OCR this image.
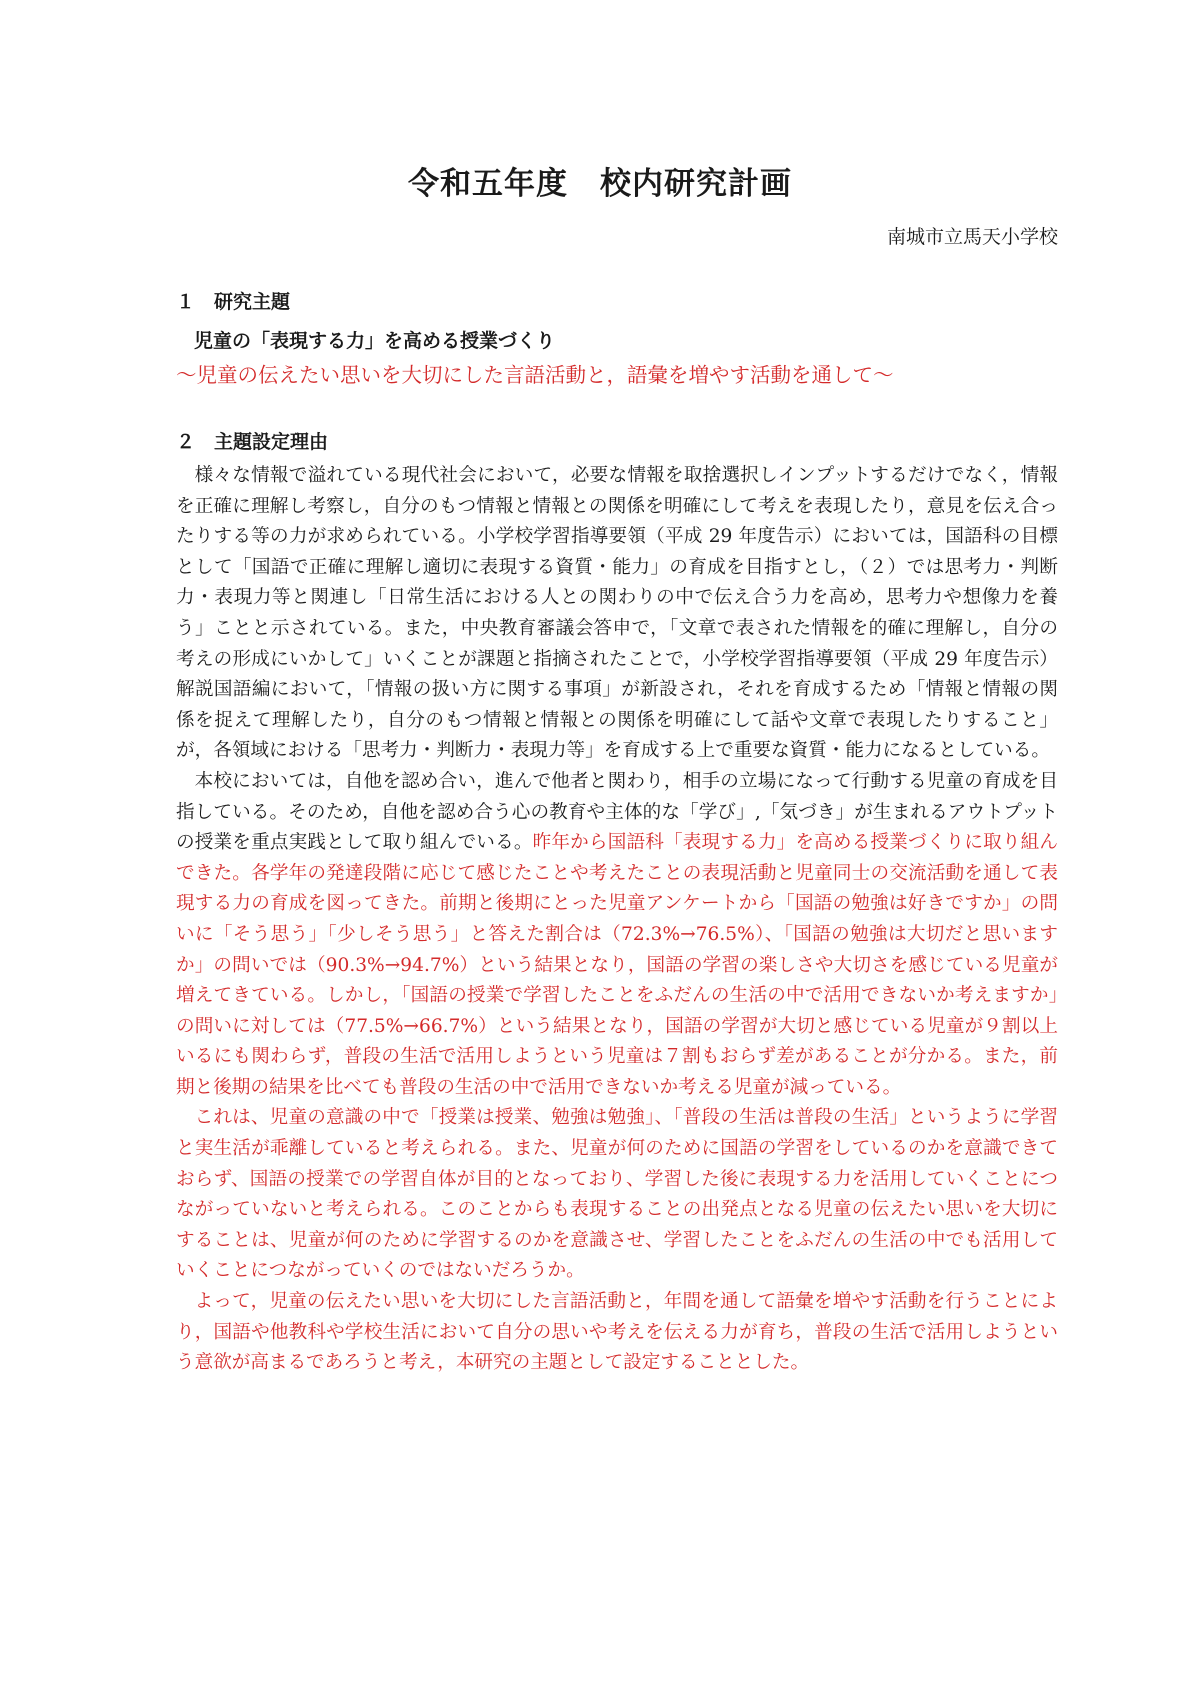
令和五年度　校内研究計画
南城市立馬天小学校
１　研究主題
児童の「表現する力」を高める授業づくり
〜児童の伝えたい思いを大切にした言語活動と，語彙を増やす活動を通して〜
２　主題設定理由

様々な情報で溢れている現代社会において，必要な情報を取捨選択しインプットするだけでなく，情報を正確に理解し考察し，自分のもつ情報と情報との関係を明確にして考えを表現したり，意見を伝え合ったりする等の力が求められている。小学校学習指導要領（平成 29 年度告示）においては，国語科の目標として「国語で正確に理解し適切に表現する資質・能力」の育成を目指すとし，（２）では思考力・判断力・表現力等と関連し「日常生活における人との関わりの中で伝え合う力を高め，思考力や想像力を養う」ことと示されている。また，中央教育審議会答申で，「文章で表された情報を的確に理解し，自分の考えの形成にいかして」いくことが課題と指摘されたことで，小学校学習指導要領（平成 29 年度告示）解説国語編において，「情報の扱い方に関する事項」が新設され，それを育成するため「情報と情報の関係を捉えて理解したり，自分のもつ情報と情報との関係を明確にして話や文章で表現したりすること」が，各領域における「思考力・判断力・表現力等」を育成する上で重要な資質・能力になるとしている。

本校においては，自他を認め合い，進んで他者と関わり，相手の立場になって行動する児童の育成を目指している。そのため，自他を認め合う心の教育や主体的な「学び」,「気づき」が生まれるアウトプットの授業を重点実践として取り組んでいる。昨年から国語科「表現する力」を高める授業づくりに取り組んできた。各学年の発達段階に応じて感じたことや考えたことの表現活動と児童同士の交流活動を通して表現する力の育成を図ってきた。前期と後期にとった児童アンケートから「国語の勉強は好きですか」の問いに「そう思う」「少しそう思う」と答えた割合は（72.3%→76.5%）、「国語の勉強は大切だと思いますか」の問いでは（90.3%→94.7%）という結果となり，国語の学習の楽しさや大切さを感じている児童が増えてきている。しかし，「国語の授業で学習したことをふだんの生活の中で活用できないか考えますか」の問いに対しては（77.5%→66.7%）という結果となり，国語の学習が大切と感じている児童が９割以上いるにも関わらず，普段の生活で活用しようという児童は７割もおらず差があることが分かる。また，前期と後期の結果を比べても普段の生活の中で活用できないか考える児童が減っている。

これは、児童の意識の中で「授業は授業、勉強は勉強」、「普段の生活は普段の生活」というように学習と実生活が乖離していると考えられる。また、児童が何のために国語の学習をしているのかを意識できておらず、国語の授業での学習自体が目的となっており、学習した後に表現する力を活用していくことにつながっていないと考えられる。このことからも表現することの出発点となる児童の伝えたい思いを大切にすることは、児童が何のために学習するのかを意識させ、学習したことをふだんの生活の中でも活用していくことにつながっていくのではないだろうか。

よって，児童の伝えたい思いを大切にした言語活動と，年間を通して語彙を増やす活動を行うことにより，国語や他教科や学校生活において自分の思いや考えを伝える力が育ち，普段の生活で活用しようという意欲が高まるであろうと考え，本研究の主題として設定することとした。
